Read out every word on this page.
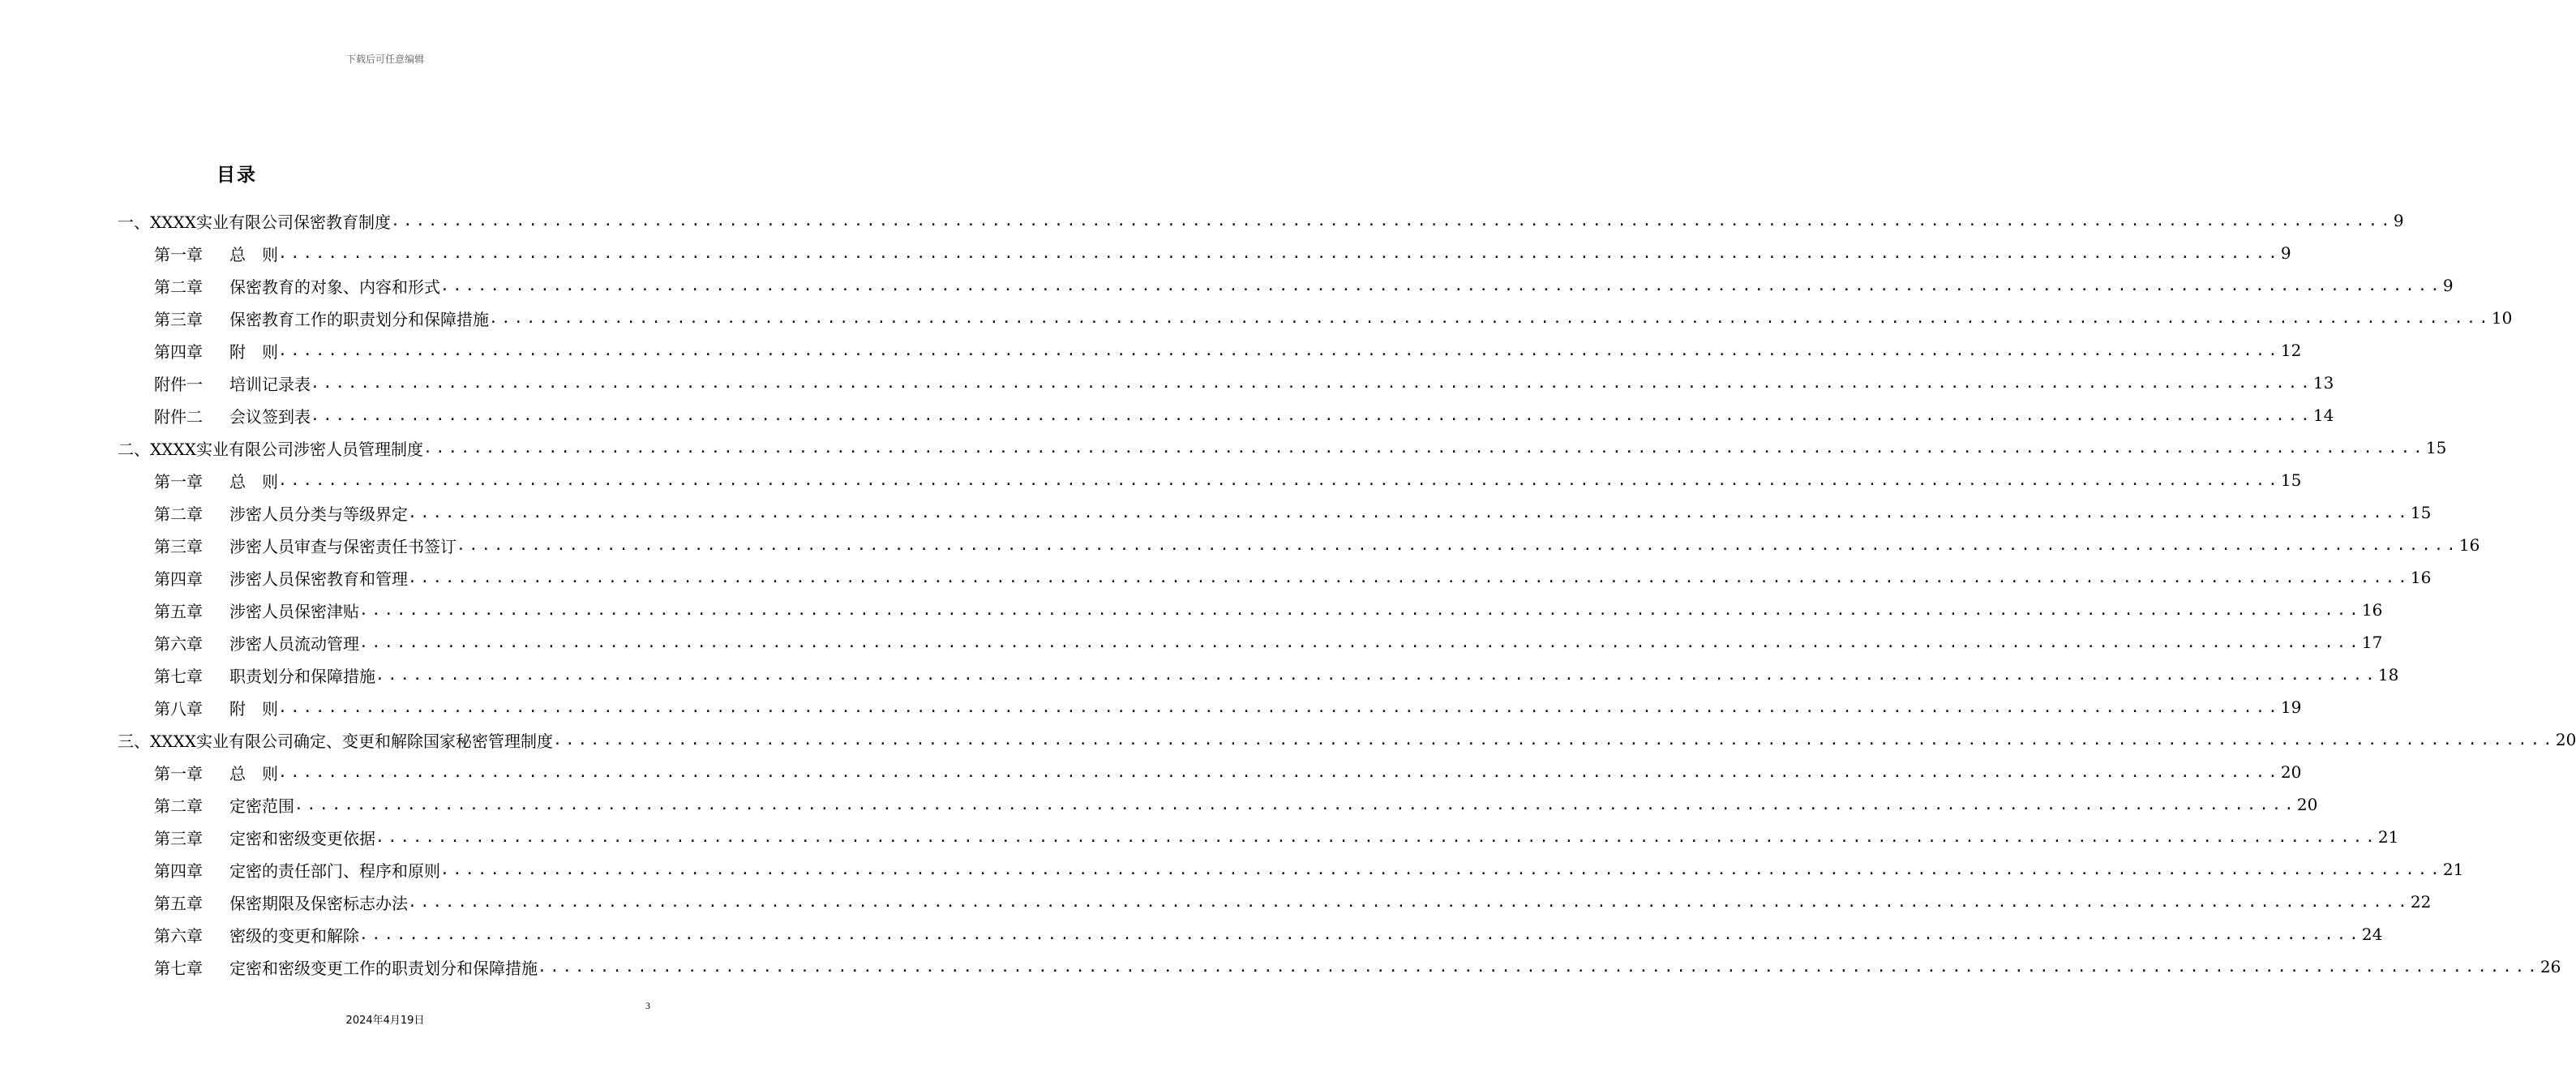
下载后可任意编辑
目录
一、XXXX实业有限公司保密教育制度 ................................................................................................................................................................ 9
第一章 总　则 ................................................................................................................................................................ 9
第二章 保密教育的对象、内容和形式 ................................................................................................................................................................ 9
第三章 保密教育工作的职责划分和保障措施 ................................................................................................................................................................ 10
第四章 附　则 ................................................................................................................................................................ 12
附件一 培训记录表 ................................................................................................................................................................ 13
附件二 会议签到表 ................................................................................................................................................................ 14
二、XXXX实业有限公司涉密人员管理制度 ................................................................................................................................................................ 15
第一章 总　则 ................................................................................................................................................................ 15
第二章 涉密人员分类与等级界定 ................................................................................................................................................................ 15
第三章 涉密人员审查与保密责任书签订 ................................................................................................................................................................ 16
第四章 涉密人员保密教育和管理 ................................................................................................................................................................ 16
第五章 涉密人员保密津贴 ................................................................................................................................................................ 16
第六章 涉密人员流动管理 ................................................................................................................................................................ 17
第七章 职责划分和保障措施 ................................................................................................................................................................ 18
第八章 附　则 ................................................................................................................................................................ 19
三、XXXX实业有限公司确定、变更和解除国家秘密管理制度 ................................................................................................................................................................ 20
第一章 总　则 ................................................................................................................................................................ 20
第二章 定密范围 ................................................................................................................................................................ 20
第三章 定密和密级变更依据 ................................................................................................................................................................ 21
第四章 定密的责任部门、程序和原则 ................................................................................................................................................................ 21
第五章 保密期限及保密标志办法 ................................................................................................................................................................ 22
第六章 密级的变更和解除 ................................................................................................................................................................ 24
第七章 定密和密级变更工作的职责划分和保障措施 ................................................................................................................................................................ 26
3
2024年4月19日
